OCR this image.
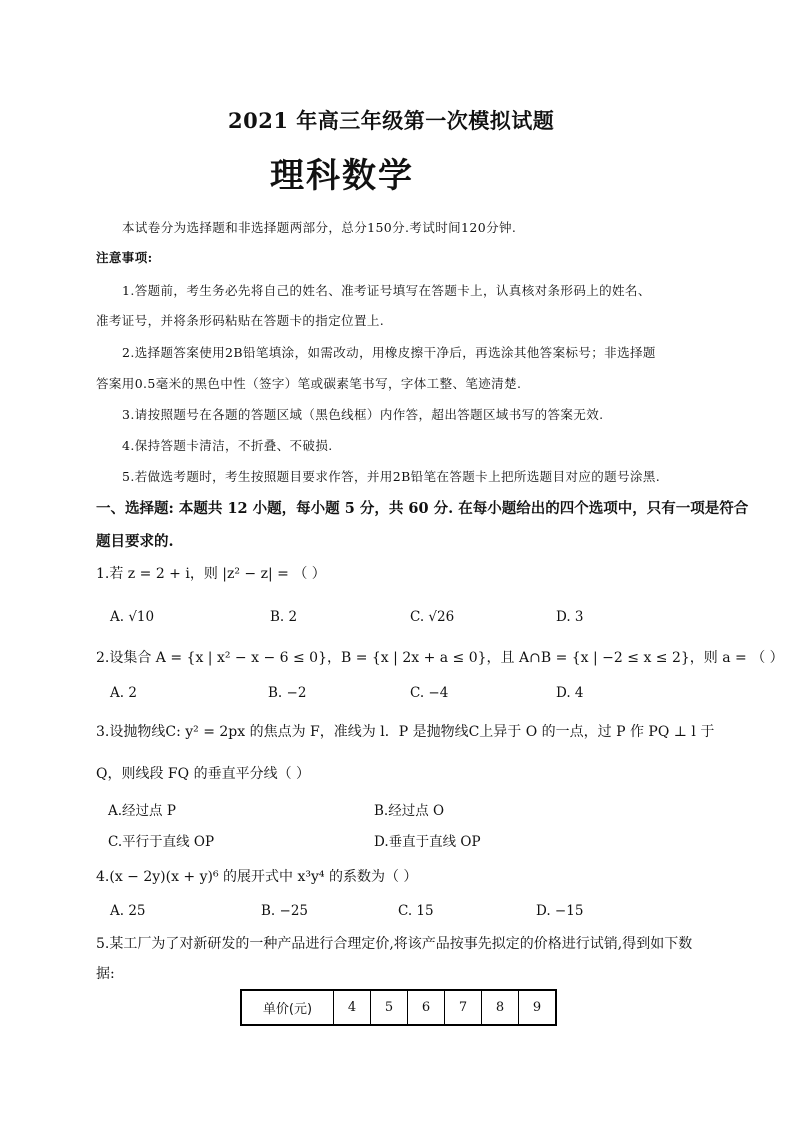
2021 年高三年级第一次模拟试题
理科数学
本试卷分为选择题和非选择题两部分，总分150分.考试时间120分钟.
注意事项:
1.答题前，考生务必先将自己的姓名、准考证号填写在答题卡上，认真核对条形码上的姓名、
准考证号，并将条形码粘贴在答题卡的指定位置上.
2.选择题答案使用2B铅笔填涂，如需改动，用橡皮擦干净后，再选涂其他答案标号；非选择题
答案用0.5毫米的黑色中性（签字）笔或碳素笔书写，字体工整、笔迹清楚.
3.请按照题号在各题的答题区域（黑色线框）内作答，超出答题区域书写的答案无效.
4.保持答题卡清洁，不折叠、不破损.
5.若做选考题时，考生按照题目要求作答，并用2B铅笔在答题卡上把所选题目对应的题号涂黑.
一、选择题: 本题共 12 小题，每小题 5 分，共 60 分. 在每小题给出的四个选项中，只有一项是符合
题目要求的.
1.若 z = 2 + i，则 |z² − z| = （ ）
A. √10	B. 2	C. √26	D. 3
2.设集合 A = {x | x² − x − 6 ≤ 0}，B = {x | 2x + a ≤ 0}，且 A∩B = {x | −2 ≤ x ≤ 2}，则 a = （ ）
A. 2	B. −2	C. −4	D. 4
3.设抛物线C: y² = 2px 的焦点为 F，准线为 l．P 是抛物线C上异于 O 的一点，过 P 作 PQ ⊥ l 于
Q，则线段 FQ 的垂直平分线（ ）
A.经过点 P	B.经过点 O
C.平行于直线 OP	D.垂直于直线 OP
4.(x − 2y)(x + y)⁶ 的展开式中 x³y⁴ 的系数为（ ）
A. 25	B. −25	C. 15	D. −15
5.某工厂为了对新研发的一种产品进行合理定价,将该产品按事先拟定的价格进行试销,得到如下数
据:
单价(元)	4	5	6	7	8	9
